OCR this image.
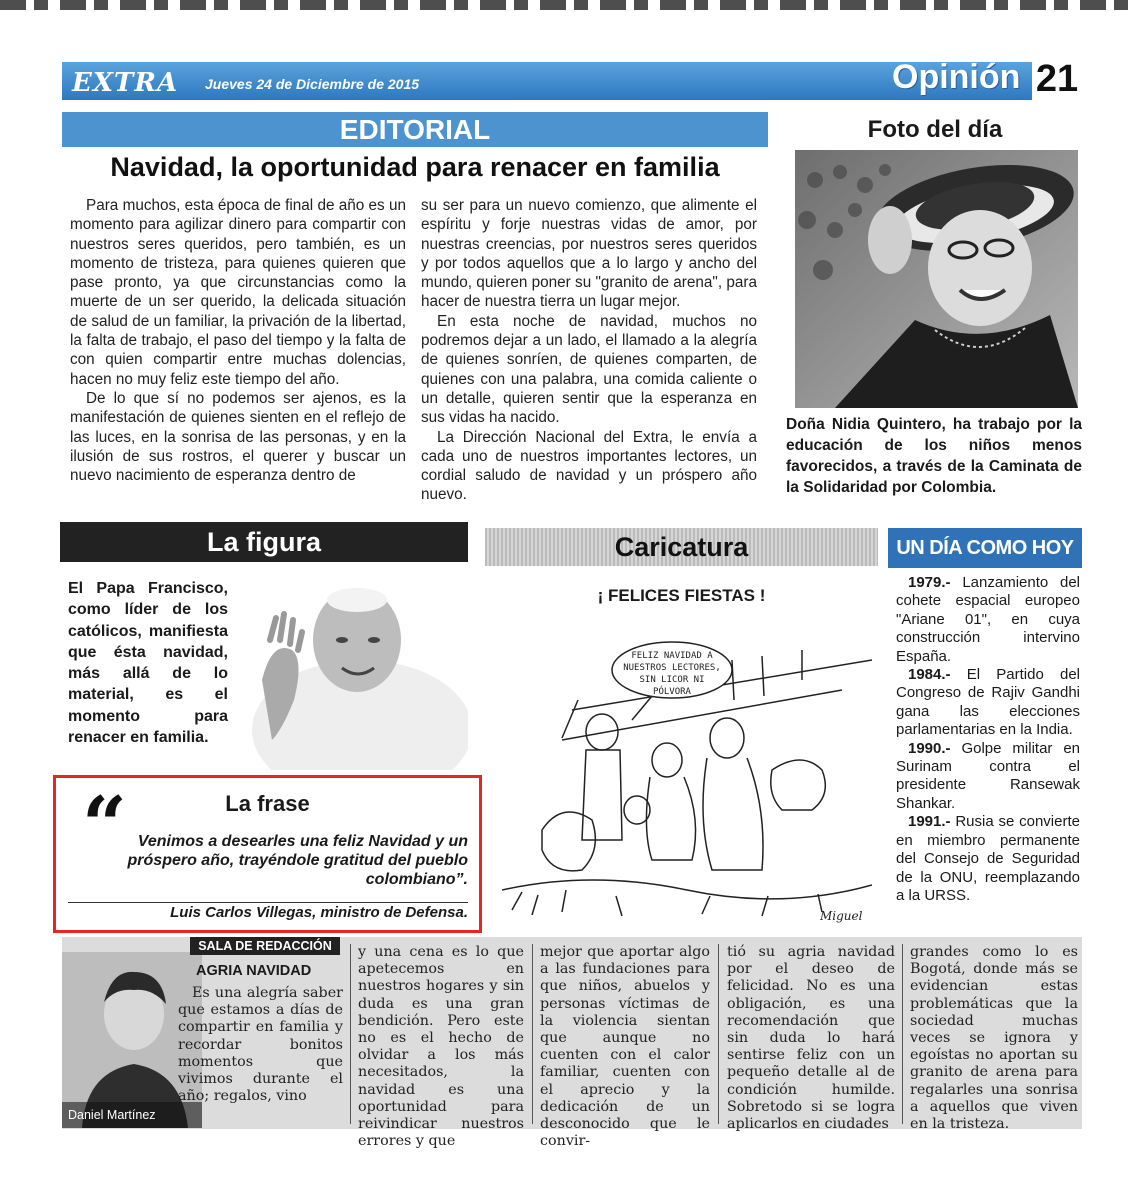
EXTRA Jueves 24 de Diciembre de 2015	Opinión 21
EDITORIAL
Navidad, la oportunidad para renacer en familia

Para muchos, esta época de final de año es un momento para agilizar dinero para compartir con nuestros seres queridos, pero también, es un momento de tristeza, para quienes quieren que pase pronto, ya que circunstancias como la muerte de un ser querido, la delicada situación de salud de un familiar, la privación de la libertad, la falta de trabajo, el paso del tiempo y la falta de con quien compartir entre muchas dolencias, hacen no muy feliz este tiempo del año.

De lo que sí no podemos ser ajenos, es la manifestación de quienes sienten en el reflejo de las luces, en la sonrisa de las personas, y en la ilusión de sus rostros, el querer y buscar un nuevo nacimiento de esperanza dentro de

su ser para un nuevo comienzo, que alimente el espíritu y forje nuestras vidas de amor, por nuestras creencias, por nuestros seres queridos y por todos aquellos que a lo largo y ancho del mundo, quieren poner su "granito de arena", para hacer de nuestra tierra un lugar mejor.

En esta noche de navidad, muchos no podremos dejar a un lado, el llamado a la alegría de quienes sonríen, de quienes comparten, de quienes con una palabra, una comida caliente o un detalle, quieren sentir que la esperanza en sus vidas ha nacido.

La Dirección Nacional del Extra, le envía a cada uno de nuestros importantes lectores, un cordial saludo de navidad y un próspero año nuevo.

Foto del día
Doña Nidia Quintero, ha trabajo por la educación de los niños menos favorecidos, a través de la Caminata de la Solidaridad por Colombia.
La figura
El Papa Francisco, como líder de los católicos, manifiesta que ésta navidad, más allá de lo material, es el momento para renacer en familia.
La frase
“ Venimos a desearles una feliz Navidad y un próspero año, trayéndole gratitud del pueblo colombiano”.
Luis Carlos Villegas, ministro de Defensa.
Caricatura
¡ FELICES FIESTAS !
FELIZ NAVIDAD A
NUESTROS LECTORES,
SIN LICOR NI
PÓLVORA
Miguel
UN DÍA COMO HOY

1979.- Lanzamiento del cohete espacial europeo "Ariane 01", en cuya construcción intervino España.

1984.- El Partido del Congreso de Rajiv Gandhi gana las elecciones parlamentarias en la India.

1990.- Golpe militar en Surinam contra el presidente Ransewak Shankar.

1991.- Rusia se convierte en miembro permanente del Consejo de Seguridad de la ONU, reemplazando a la URSS.

SALA DE REDACCIÓN
Daniel Martínez
AGRIA NAVIDAD

Es una alegría saber que estamos a días de compartir en familia y recordar bonitos momentos que vivimos durante el año; regalos, vino

y una cena es lo que apetecemos en nuestros hogares y sin duda es una gran bendición. Pero este no es el hecho de olvidar a los más necesitados, la navidad es una oportunidad para reivindicar nuestros errores y que

mejor que aportar algo a las fundaciones para que niños, abuelos y personas víctimas de la violencia sientan que aunque no cuenten con el calor familiar, cuenten con el aprecio y la dedicación de un desconocido que le convir-

tió su agria navidad por el deseo de felicidad. No es una obligación, es una recomendación que sin duda lo hará sentirse feliz con un pequeño detalle al de condición humilde. Sobretodo si se logra aplicarlos en ciudades

grandes como lo es Bogotá, donde más se evidencian estas problemáticas que la sociedad muchas veces se ignora y egoístas no aportan su granito de arena para regalarles una sonrisa a aquellos que viven en la tristeza.
